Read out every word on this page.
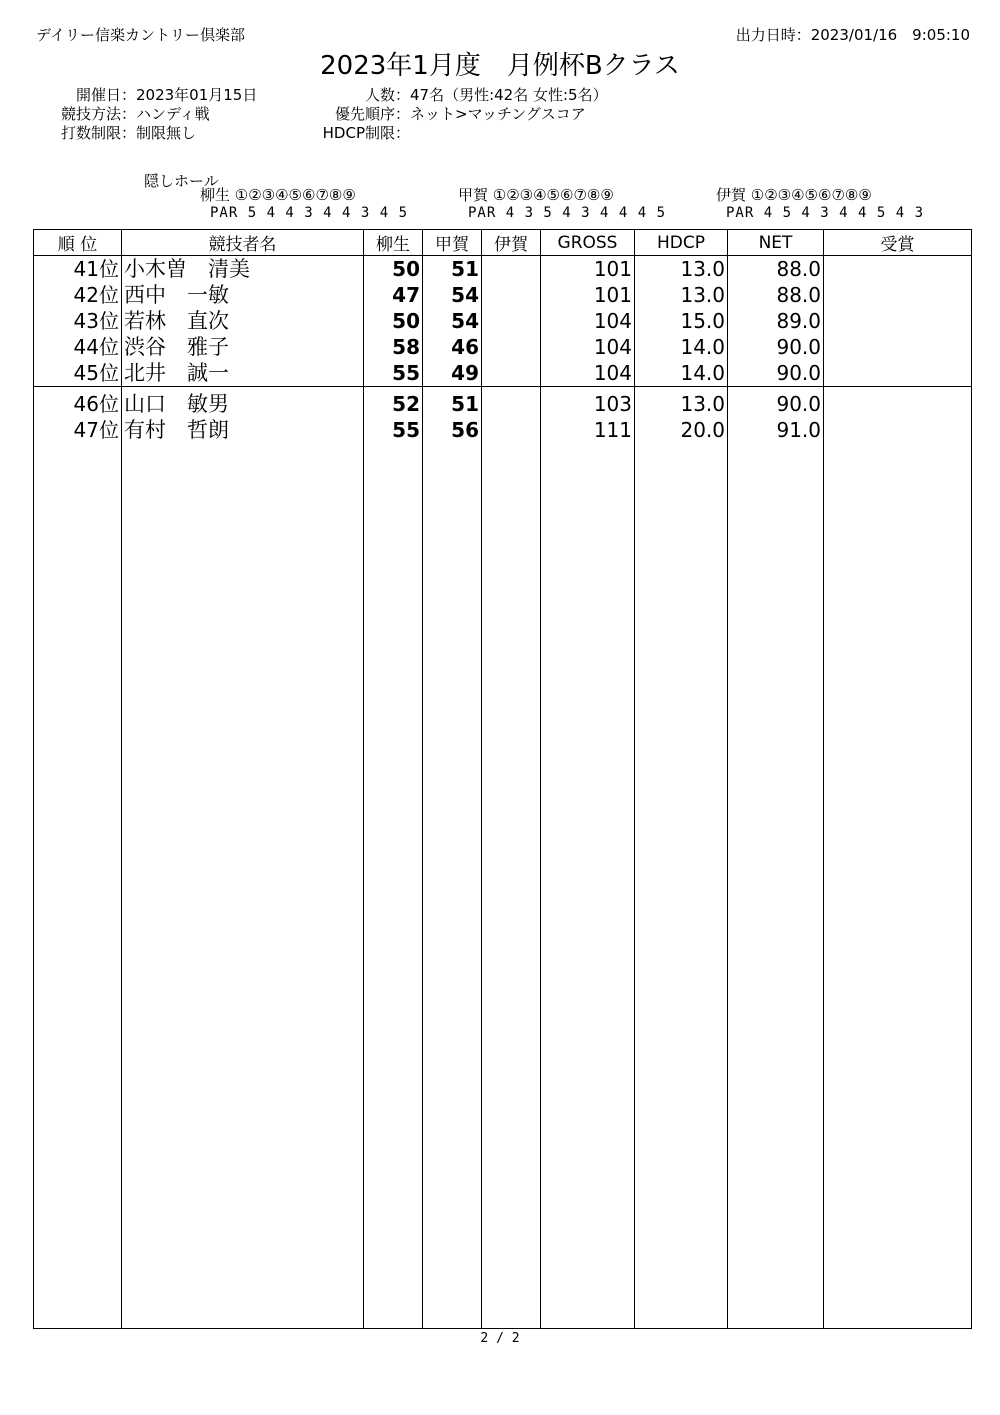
デイリー信楽カントリー倶楽部	出力日時：2023/01/16　9:05:10
2023年1月度　月例杯Bクラス
開催日：2023年01月15日
競技方法：ハンディ戦
打数制限：制限無し
人数：47名（男性:42名 女性:5名）
優先順序：ネット>マッチングスコア
HDCP制限：
隠しホール
柳生 ①②③④⑤⑥⑦⑧⑨
PAR 5 4 4 3 4 4 3 4 5
甲賀 ①②③④⑤⑥⑦⑧⑨
PAR 4 3 5 4 3 4 4 4 5
伊賀 ①②③④⑤⑥⑦⑧⑨
PAR 4 5 4 3 4 4 5 4 3
順 位	競技者名	柳生	甲賀	伊賀	GROSS	HDCP	NET	受賞
41位	小木曽　清美	50	51		101	13.0	88.0	
42位	西中　一敏	47	54		101	13.0	88.0	
43位	若林　直次	50	54		104	15.0	89.0	
44位	渋谷　雅子	58	46		104	14.0	90.0	
45位	北井　誠一	55	49		104	14.0	90.0	

46位	山口　敏男	52	51		103	13.0	90.0	
47位	有村　哲朗	55	56		111	20.0	91.0	

2 / 2
